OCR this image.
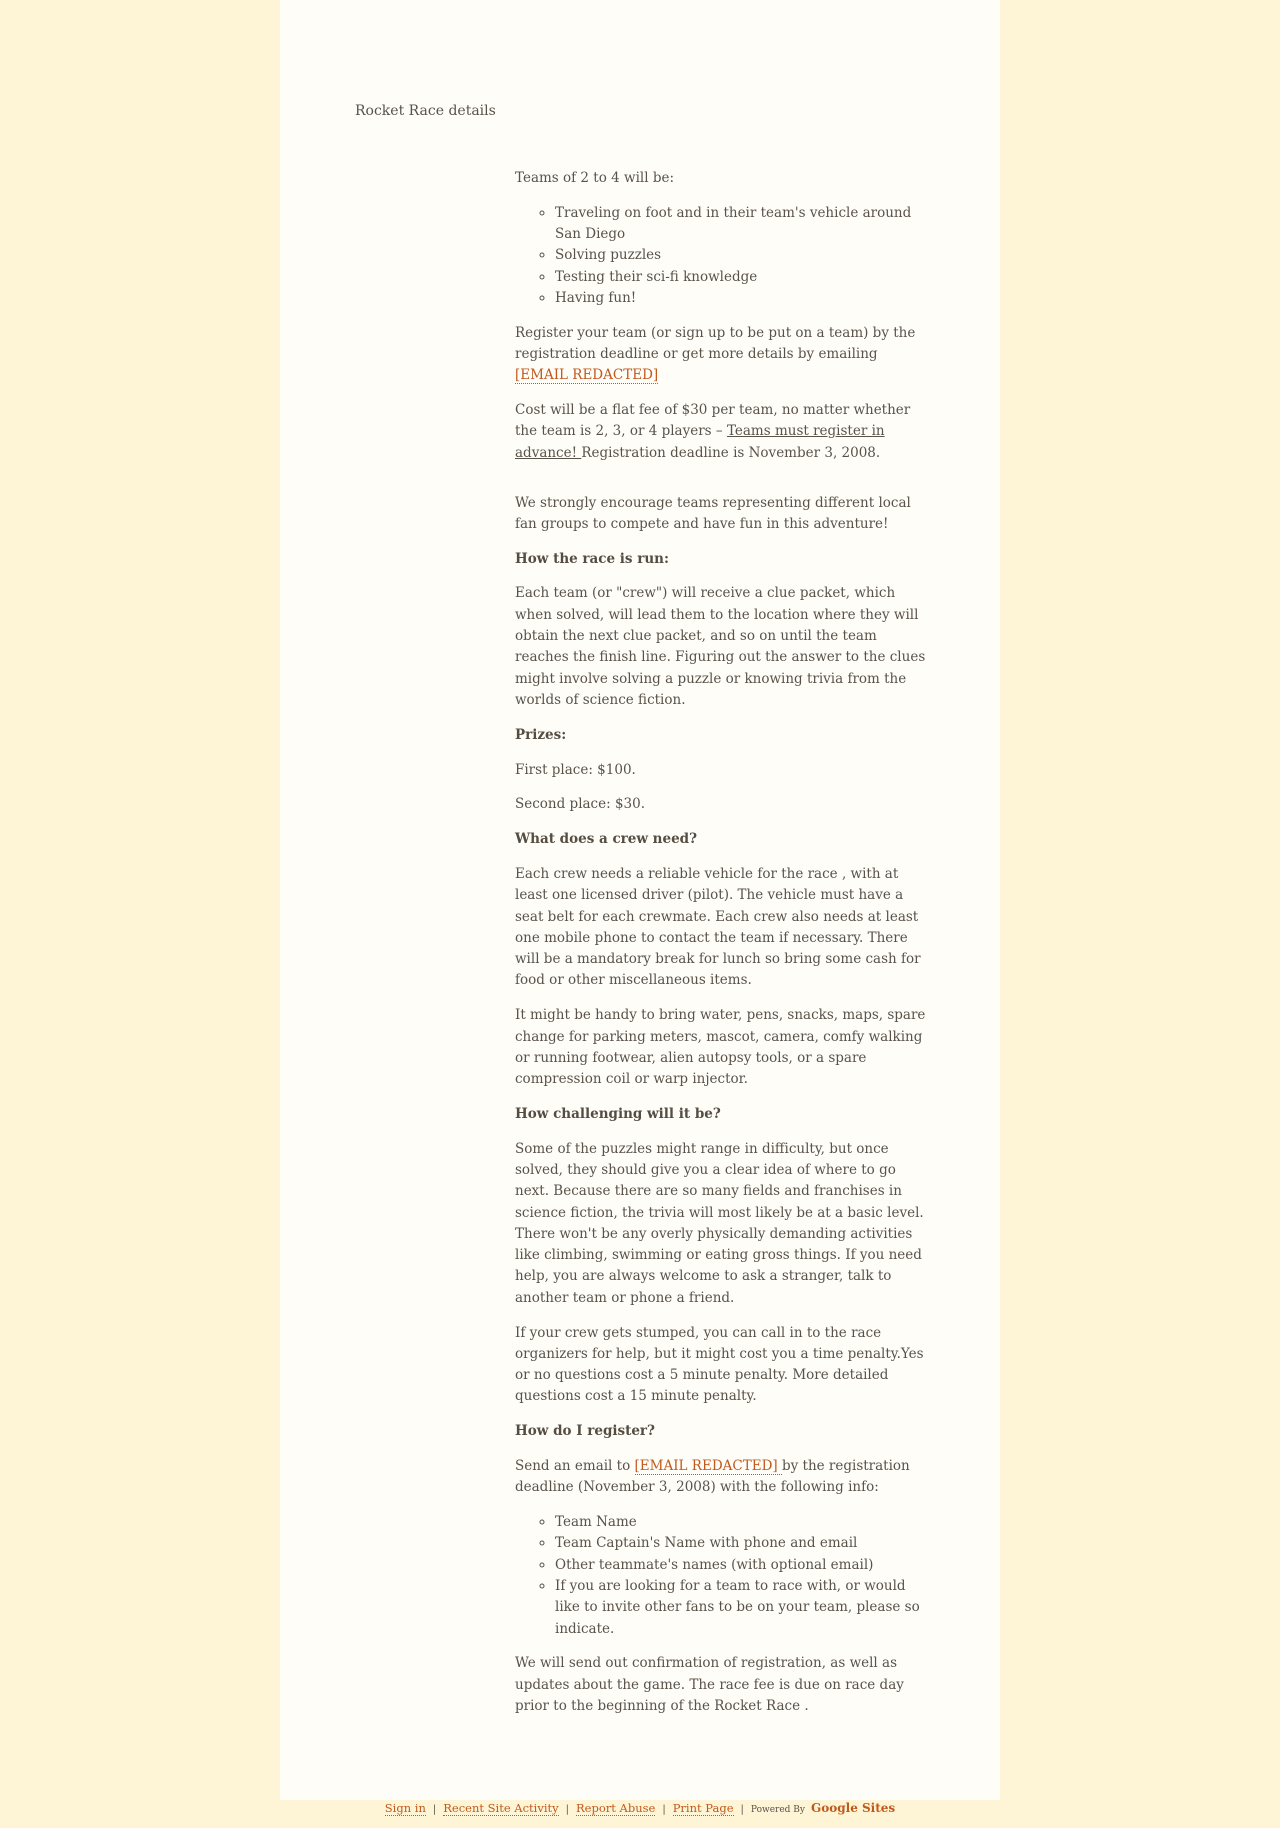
Rocket Race details

Teams of 2 to 4 will be:

◦ Traveling on foot and in their team's vehicle around San Diego
◦ Solving puzzles
◦ Testing their sci-fi knowledge
◦ Having fun!

Register your team (or sign up to be put on a team) by the registration deadline or get more details by emailing [EMAIL REDACTED]

Cost will be a flat fee of $30 per team, no matter whether the team is 2, 3, or 4 players – Teams must register in advance! Registration deadline is November 3, 2008.

We strongly encourage teams representing different local fan groups to compete and have fun in this adventure!

How the race is run:

Each team (or "crew") will receive a clue packet, which when solved, will lead them to the location where they will obtain the next clue packet, and so on until the team reaches the finish line. Figuring out the answer to the clues might involve solving a puzzle or knowing trivia from the worlds of science fiction.

Prizes:

First place: $100.

Second place: $30.

What does a crew need?

Each crew needs a reliable vehicle for the race , with at least one licensed driver (pilot). The vehicle must have a seat belt for each crewmate. Each crew also needs at least one mobile phone to contact the team if necessary. There will be a mandatory break for lunch so bring some cash for food or other miscellaneous items.

It might be handy to bring water, pens, snacks, maps, spare change for parking meters, mascot, camera, comfy walking or running footwear, alien autopsy tools, or a spare compression coil or warp injector.

How challenging will it be?

Some of the puzzles might range in difficulty, but once solved, they should give you a clear idea of where to go next. Because there are so many fields and franchises in science fiction, the trivia will most likely be at a basic level. There won't be any overly physically demanding activities like climbing, swimming or eating gross things. If you need help, you are always welcome to ask a stranger, talk to another team or phone a friend.

If your crew gets stumped, you can call in to the race organizers for help, but it might cost you a time penalty.Yes or no questions cost a 5 minute penalty. More detailed questions cost a 15 minute penalty.

How do I register?

Send an email to [EMAIL REDACTED] by the registration deadline (November 3, 2008) with the following info:

◦ Team Name
◦ Team Captain's Name with phone and email
◦ Other teammate's names (with optional email)
◦ If you are looking for a team to race with, or would like to invite other fans to be on your team, please so indicate.

We will send out confirmation of registration, as well as updates about the game. The race fee is due on race day prior to the beginning of the Rocket Race .

Sign in | Recent Site Activity | Report Abuse | Print Page | Powered By Google Sites
